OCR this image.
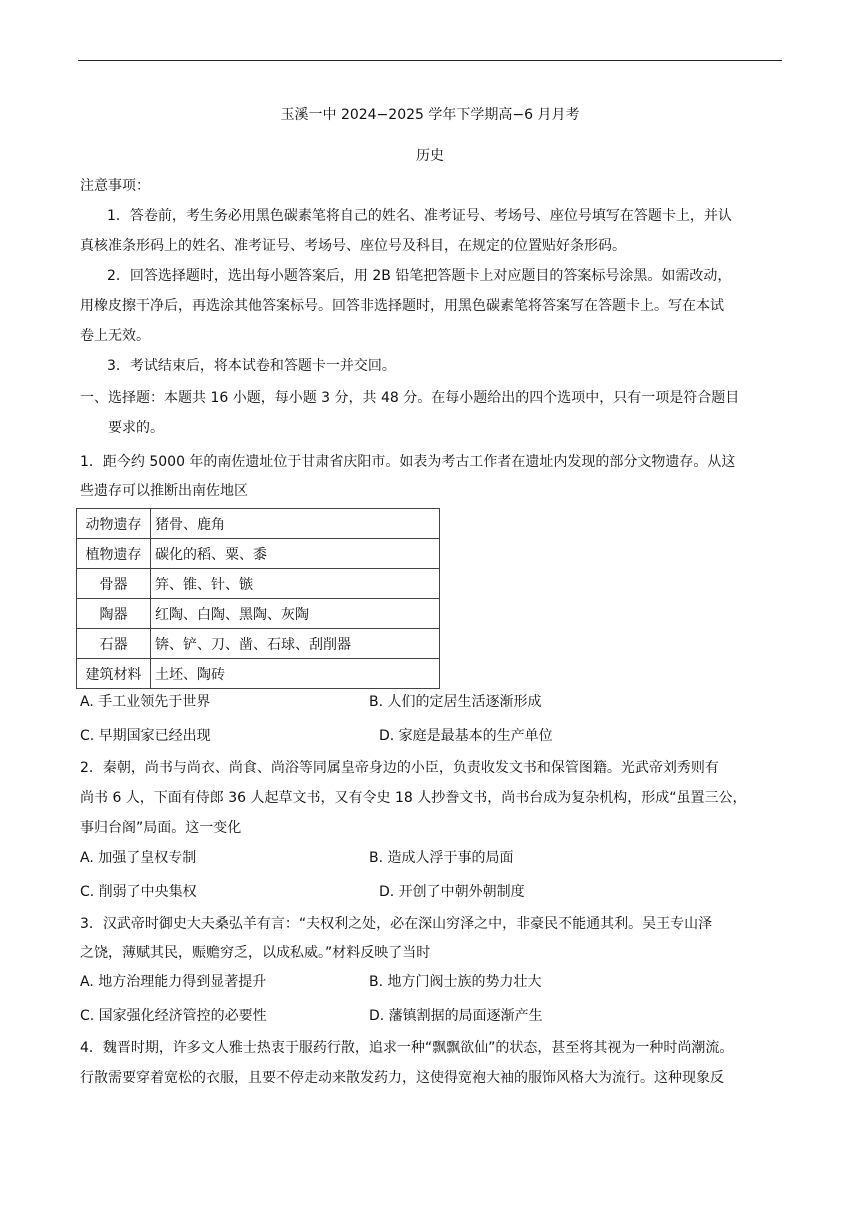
玉溪一中 2024−2025 学年下学期高−6 月月考
历史
注意事项：
1．答卷前，考生务必用黑色碳素笔将自己的姓名、准考证号、考场号、座位号填写在答题卡上，并认
真核准条形码上的姓名、准考证号、考场号、座位号及科目，在规定的位置贴好条形码。
2．回答选择题时，选出每小题答案后，用 2B 铅笔把答题卡上对应题目的答案标号涂黑。如需改动，
用橡皮擦干净后，再选涂其他答案标号。回答非选择题时，用黑色碳素笔将答案写在答题卡上。写在本试
卷上无效。
3．考试结束后，将本试卷和答题卡一并交回。
一、选择题：本题共 16 小题，每小题 3 分，共 48 分。在每小题给出的四个选项中，只有一项是符合题目
要求的。
1．距今约 5000 年的南佐遗址位于甘肃省庆阳市。如表为考古工作者在遗址内发现的部分文物遗存。从这
些遗存可以推断出南佐地区
动物遗存	猪骨、鹿角
植物遗存	碳化的稻、粟、黍
骨器	笄、锥、针、镞
陶器	红陶、白陶、黑陶、灰陶
石器	锛、铲、刀、凿、石球、刮削器
建筑材料	土坯、陶砖
A. 手工业领先于世界	B. 人们的定居生活逐渐形成
C. 早期国家已经出现	D. 家庭是最基本的生产单位
2．秦朝，尚书与尚衣、尚食、尚浴等同属皇帝身边的小臣，负责收发文书和保管图籍。光武帝刘秀则有
尚书 6 人，下面有侍郎 36 人起草文书，又有令史 18 人抄誊文书，尚书台成为复杂机构，形成“虽置三公，
事归台阁”局面。这一变化
A. 加强了皇权专制	B. 造成人浮于事的局面
C. 削弱了中央集权	D. 开创了中朝外朝制度
3．汉武帝时御史大夫桑弘羊有言：“夫权利之处，必在深山穷泽之中，非豪民不能通其利。吴王专山泽
之饶，薄赋其民，赈赡穷乏，以成私威。”材料反映了当时
A. 地方治理能力得到显著提升	B. 地方门阀士族的势力壮大
C. 国家强化经济管控的必要性	D. 藩镇割据的局面逐渐产生
4．魏晋时期，许多文人雅士热衷于服药行散，追求一种“飘飘欲仙”的状态，甚至将其视为一种时尚潮流。
行散需要穿着宽松的衣服，且要不停走动来散发药力，这使得宽袍大袖的服饰风格大为流行。这种现象反
